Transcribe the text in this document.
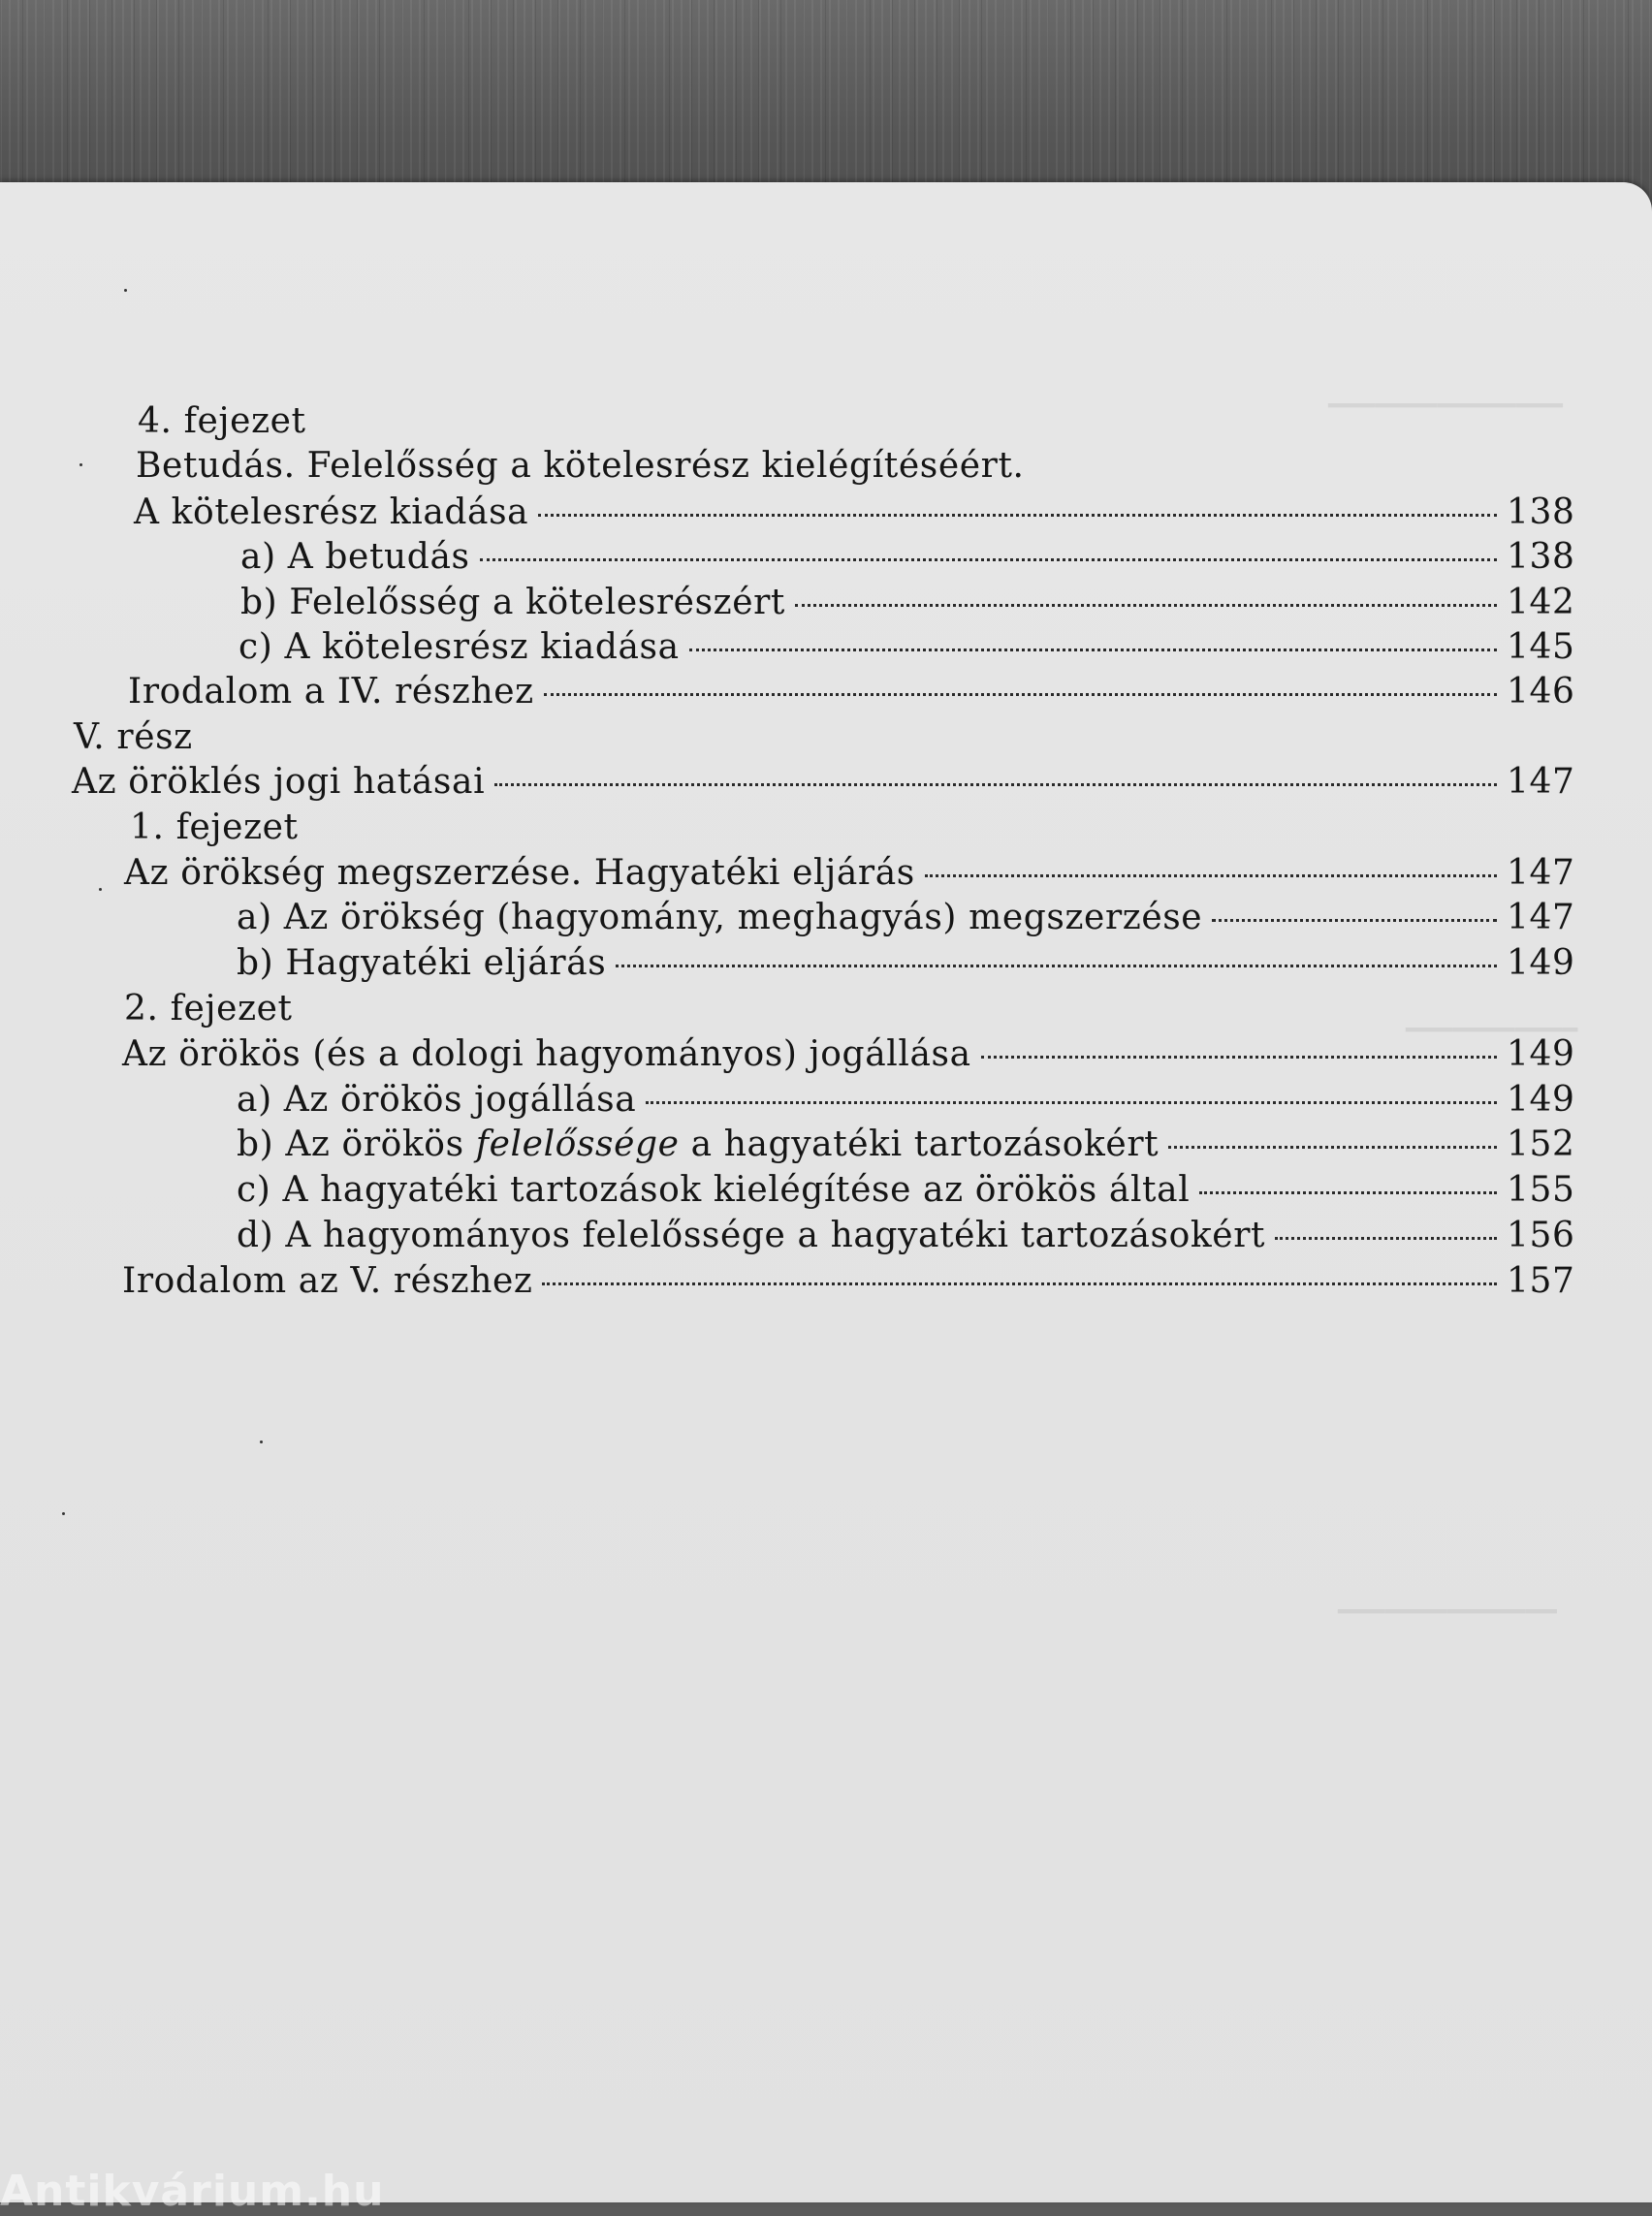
━━━━━━━━━━━━━━━
━━━━━━━━━━━
━━━━━━━━━━━━━━
4. fejezet
Betudás. Felelősség a kötelesrész kielégítéséért.
A kötelesrész kiadása	138
a) A betudás	138
b) Felelősség a kötelesrészért	142
c) A kötelesrész kiadása	145
Irodalom a IV. részhez	146
V. rész
Az öröklés jogi hatásai	147
1. fejezet
Az örökség megszerzése. Hagyatéki eljárás	147
a) Az örökség (hagyomány, meghagyás) megszerzése	147
b) Hagyatéki eljárás	149
2. fejezet
Az örökös (és a dologi hagyományos) jogállása	149
a) Az örökös jogállása	149
b) Az örökös felelőssége a hagyatéki tartozásokért	152
c) A hagyatéki tartozások kielégítése az örökös által	155
d) A hagyományos felelőssége a hagyatéki tartozásokért	156
Irodalom az V. részhez	157
Antikvárium.hu
